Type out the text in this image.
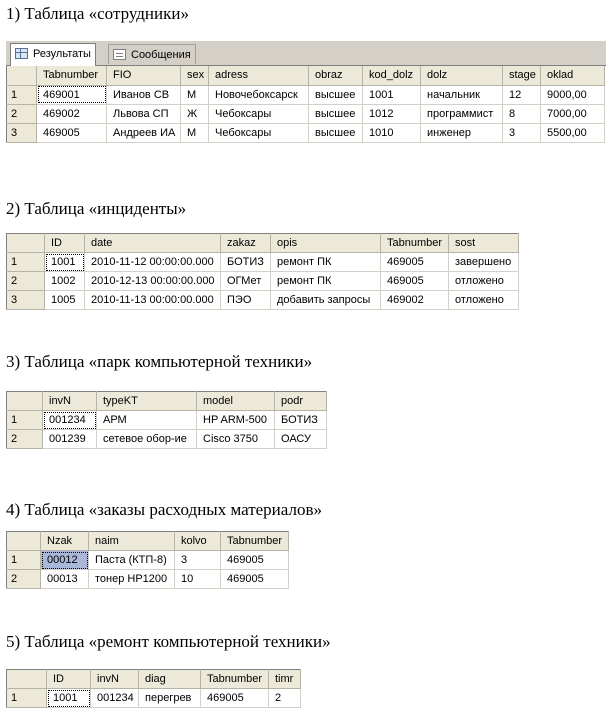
1) Таблица «сотрудники»
Результаты	Сообщения
	Tabnumber	FIO	sex	adress	obraz	kod_dolz	dolz	stage	oklad
1	469001	Иванов СВ	М	Новочебоксарск	высшее	1001	начальник	12	9000,00
2	469002	Львова СП	Ж	Чебоксары	высшее	1012	программист	8	7000,00
3	469005	Андреев ИА	М	Чебоксары	высшее	1010	инженер	3	5500,00
2) Таблица «инциденты»
	ID	date	zakaz	opis	Tabnumber	sost
1	1001	2010-11-12 00:00:00.000	БОТИЗ	ремонт ПК	469005	завершено
2	1002	2010-12-13 00:00:00.000	ОГМет	ремонт ПК	469005	отложено
3	1005	2010-11-13 00:00:00.000	ПЭО	добавить запросы	469002	отложено
3) Таблица «парк компьютерной техники»
	invN	typeKT	model	podr
1	001234	АРМ	HP ARM-500	БОТИЗ
2	001239	сетевое обор-ие	Cisco 3750	ОАСУ
4) Таблица «заказы расходных материалов»
	Nzak	naim	kolvo	Tabnumber
1	00012	Паста (КТП-8)	3	469005
2	00013	тонер HP1200	10	469005
5) Таблица «ремонт компьютерной техники»
	ID	invN	diag	Tabnumber	timr
1	1001	001234	перегрев	469005	2
